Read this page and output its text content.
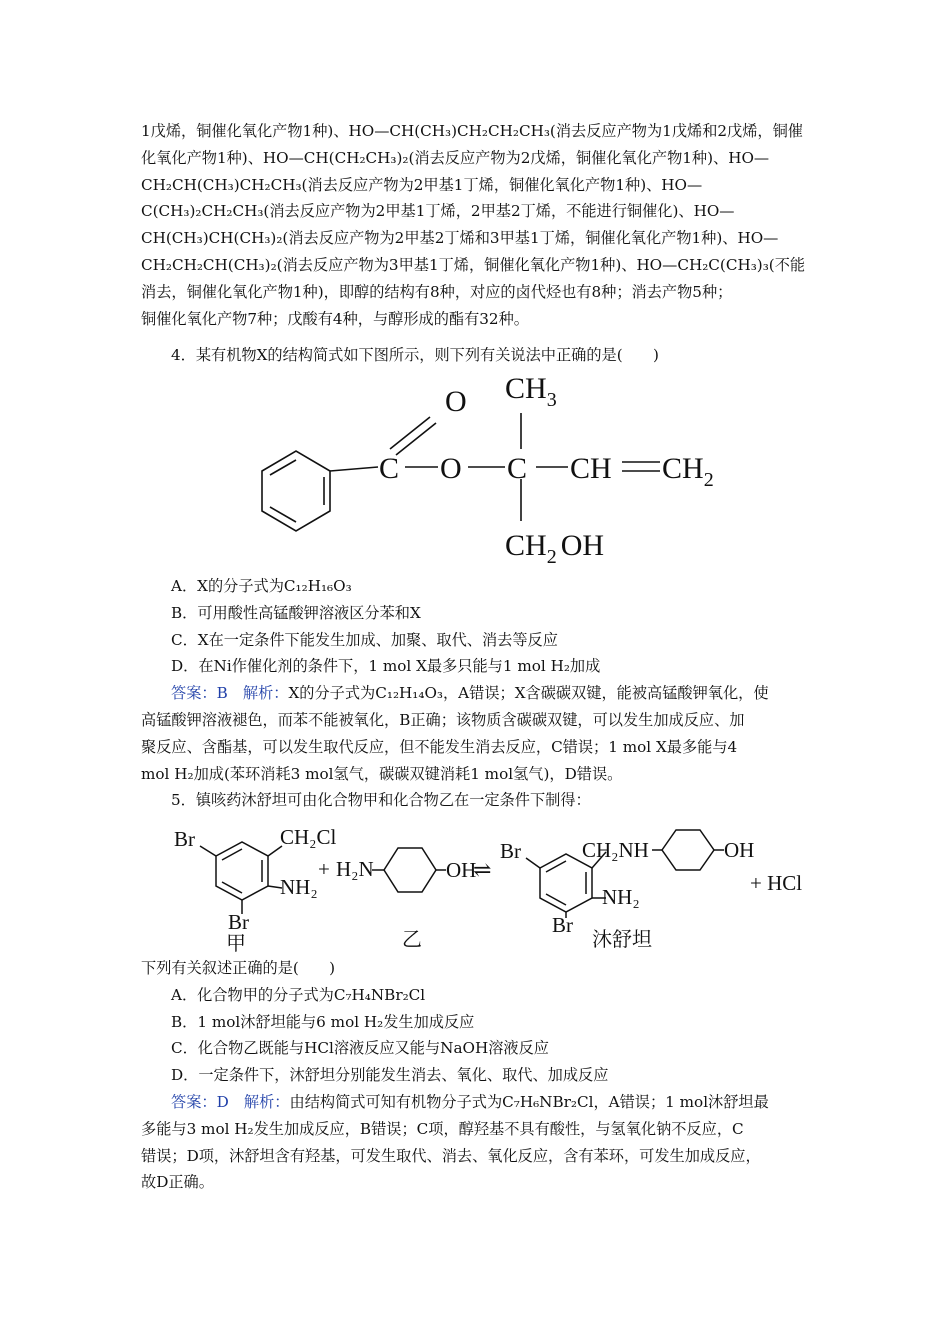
1戊烯，铜催化氧化产物1种)、HO—CH(CH₃)CH₂CH₂CH₃(消去反应产物为1戊烯和2戊烯，铜催
化氧化产物1种)、HO—CH(CH₂CH₃)₂(消去反应产物为2戊烯，铜催化氧化产物1种)、HO—
CH₂CH(CH₃)CH₂CH₃(消去反应产物为2甲基1丁烯，铜催化氧化产物1种)、HO—
C(CH₃)₂CH₂CH₃(消去反应产物为2甲基1丁烯，2甲基2丁烯，不能进行铜催化)、HO—
CH(CH₃)CH(CH₃)₂(消去反应产物为2甲基2丁烯和3甲基1丁烯，铜催化氧化产物1种)、HO—
CH₂CH₂CH(CH₃)₂(消去反应产物为3甲基1丁烯，铜催化氧化产物1种)、HO—CH₂C(CH₃)₃(不能
消去，铜催化氧化产物1种)，即醇的结构有8种，对应的卤代烃也有8种；消去产物5种；
铜催化氧化产物7种；戊酸有4种，与醇形成的酯有32种。
4．某有机物X的结构简式如下图所示，则下列有关说法中正确的是(　　)
O
C O C
$CH_3$
CH $CH_2$
$CH_2$ OH
A．X的分子式为C₁₂H₁₆O₃
B．可用酸性高锰酸钾溶液区分苯和X
C．X在一定条件下能发生加成、加聚、取代、消去等反应
D．在Ni作催化剂的条件下，1 mol X最多只能与1 mol H₂加成
答案：B　解析：X的分子式为C₁₂H₁₄O₃，A错误；X含碳碳双键，能被高锰酸钾氧化，使
高锰酸钾溶液褪色，而苯不能被氧化，B正确；该物质含碳碳双键，可以发生加成反应、加
聚反应、含酯基，可以发生取代反应，但不能发生消去反应，C错误；1 mol X最多能与4
mol H₂加成(苯环消耗3 mol氢气，碳碳双键消耗1 mol氢气)，D错误。
5．镇咳药沐舒坦可由化合物甲和化合物乙在一定条件下制得：
Br	CH₂Cl
NH₂
Br
甲
+ H₂N	OH
乙
⇌
Br	CH₂NH	OH
NH₂
Br
沐舒坦
+ HCl
下列有关叙述正确的是(　　)
A．化合物甲的分子式为C₇H₄NBr₂Cl
B．1 mol沐舒坦能与6 mol H₂发生加成反应
C．化合物乙既能与HCl溶液反应又能与NaOH溶液反应
D．一定条件下，沐舒坦分别能发生消去、氧化、取代、加成反应
答案：D　解析：由结构简式可知有机物分子式为C₇H₆NBr₂Cl，A错误；1 mol沐舒坦最
多能与3 mol H₂发生加成反应，B错误；C项，醇羟基不具有酸性，与氢氧化钠不反应，C
错误；D项，沐舒坦含有羟基，可发生取代、消去、氧化反应，含有苯环，可发生加成反应，
故D正确。
